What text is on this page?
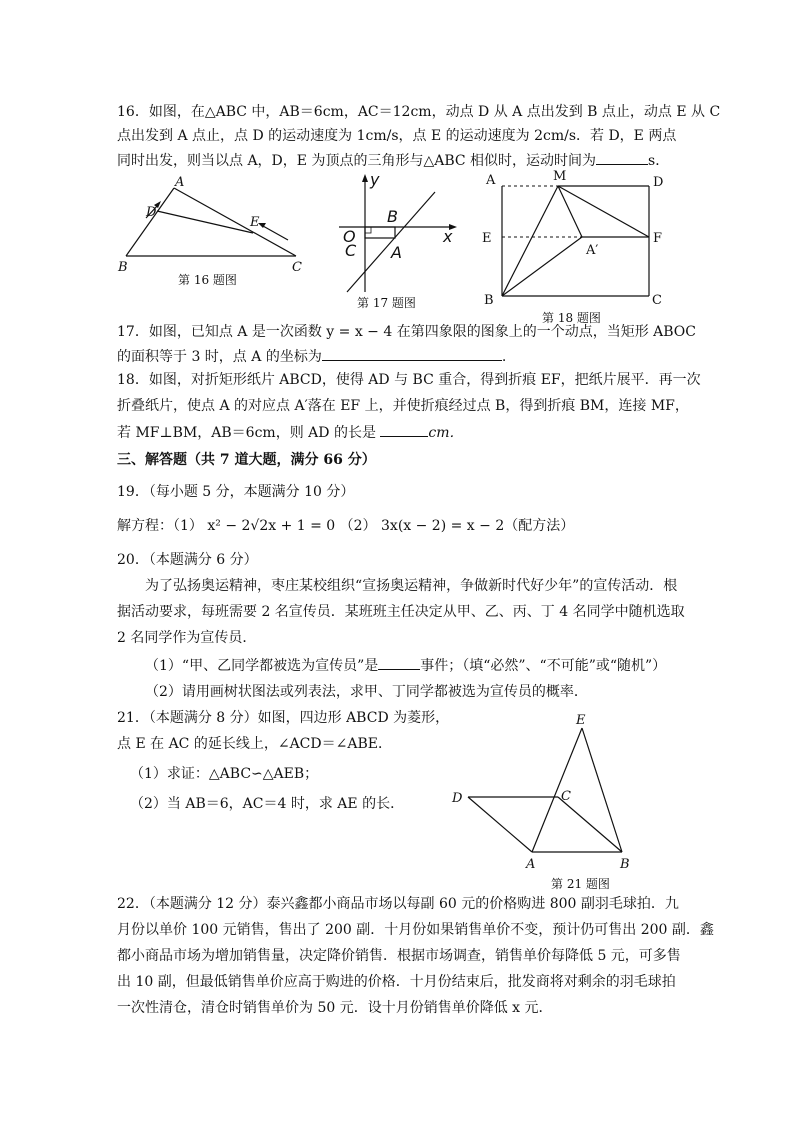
16．如图，在△ABC 中，AB＝6cm，AC＝12cm，动点 D 从 A 点出发到 B 点止，动点 E 从 C
点出发到 A 点止，点 D 的运动速度为 1cm/s，点 E 的运动速度为 2cm/s．若 D，E 两点
同时出发，则当以点 A，D，E 为顶点的三角形与△ABC 相似时，运动时间为	s．
A
B	C
D
E
第 16 题图
y
x
O
B
C A
第 17 题图
A	M	D
E
A′
F
B	C
第 18 题图
17．如图，已知点 A 是一次函数 y = x − 4 在第四象限的图象上的一个动点，当矩形 ABOC
的面积等于 3 时，点 A 的坐标为	.
18．如图，对折矩形纸片 ABCD，使得 AD 与 BC 重合，得到折痕 EF，把纸片展平．再一次
折叠纸片，使点 A 的对应点 A′落在 EF 上，并使折痕经过点 B，得到折痕 BM，连接 MF，
若 MF⊥BM，AB＝6cm，则 AD 的长是	cm．
三、解答题（共 7 道大题，满分 66 分）
19．（每小题 5 分，本题满分 10 分）
解方程：（1） x² − 2√2x + 1 = 0 （2） 3x(x − 2) = x − 2（配方法）
20．（本题满分 6 分）
为了弘扬奥运精神，枣庄某校组织“宣扬奥运精神，争做新时代好少年”的宣传活动．根
据活动要求，每班需要 2 名宣传员．某班班主任决定从甲、乙、丙、丁 4 名同学中随机选取
2 名同学作为宣传员．
（1）“甲、乙同学都被选为宣传员”是	事件；（填“必然”、“不可能”或“随机”）
（2）请用画树状图法或列表法，求甲、丁同学都被选为宣传员的概率．
21．（本题满分 8 分）如图，四边形 ABCD 为菱形，
点 E 在 AC 的延长线上，∠ACD＝∠ABE．
（1）求证：△ABC∽△AEB；
（2）当 AB＝6，AC＝4 时，求 AE 的长．
E
D	C
A	B
第 21 题图
22．（本题满分 12 分）泰兴鑫都小商品市场以每副 60 元的价格购进 800 副羽毛球拍．九
月份以单价 100 元销售，售出了 200 副．十月份如果销售单价不变，预计仍可售出 200 副．鑫
都小商品市场为增加销售量，决定降价销售．根据市场调查，销售单价每降低 5 元，可多售
出 10 副，但最低销售单价应高于购进的价格．十月份结束后，批发商将对剩余的羽毛球拍
一次性清仓，清仓时销售单价为 50 元．设十月份销售单价降低 x 元．
